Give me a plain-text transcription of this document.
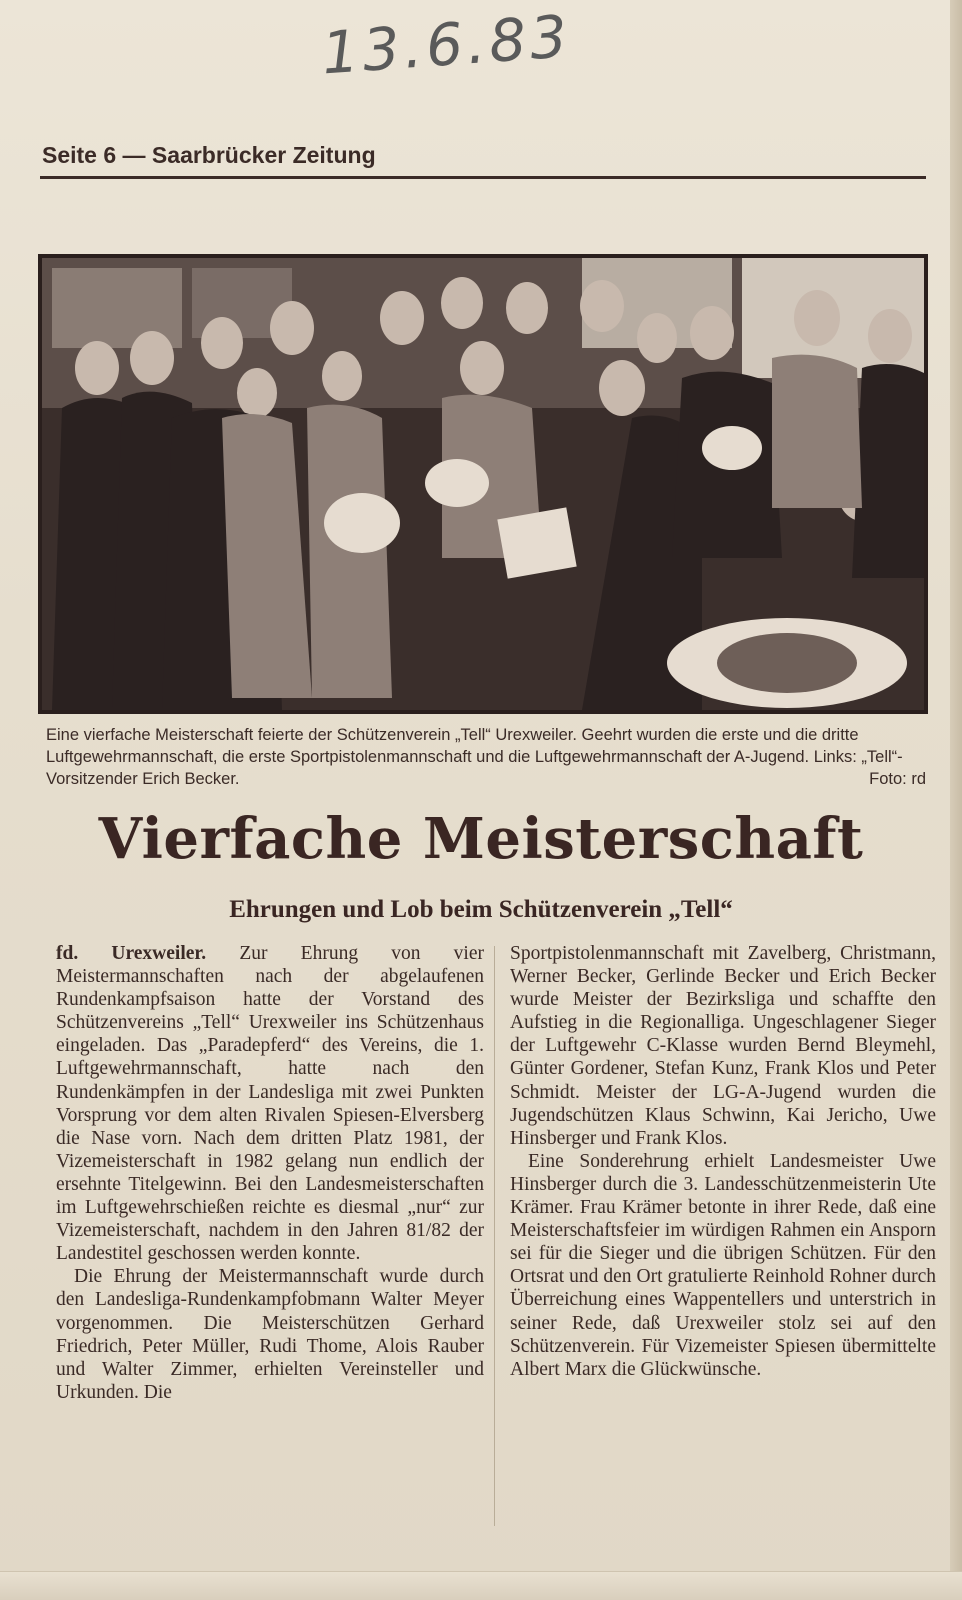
13.6.83
Seite 6 — Saarbrücker Zeitung
Eine vierfache Meisterschaft feierte der Schützenverein „Tell“ Urexweiler. Geehrt wurden die erste und die dritte Luftgewehrmannschaft, die erste Sportpistolenmannschaft und die Luftgewehrmannschaft der A-Jugend. Links: „Tell“-Vorsitzender Erich Becker.	Foto: rd
Vierfache Meisterschaft
Ehrungen und Lob beim Schützenverein „Tell“

fd. Urexweiler. Zur Ehrung von vier Meistermannschaften nach der abgelaufenen Rundenkampfsaison hatte der Vorstand des Schützenvereins „Tell“ Urexweiler ins Schützenhaus eingeladen. Das „Paradepferd“ des Vereins, die 1. Luftgewehrmannschaft, hatte nach den Rundenkämpfen in der Landesliga mit zwei Punkten Vorsprung vor dem alten Rivalen Spiesen-Elversberg die Nase vorn. Nach dem dritten Platz 1981, der Vizemeisterschaft in 1982 gelang nun endlich der ersehnte Titelgewinn. Bei den Landesmeisterschaften im Luftgewehrschießen reichte es diesmal „nur“ zur Vizemeisterschaft, nachdem in den Jahren 81/82 der Landestitel geschossen werden konnte.

Die Ehrung der Meistermannschaft wurde durch den Landesliga-Rundenkampfobmann Walter Meyer vorgenommen. Die Meisterschützen Gerhard Friedrich, Peter Müller, Rudi Thome, Alois Rauber und Walter Zimmer, erhielten Vereinsteller und Urkunden. Die

Sportpistolenmannschaft mit Zavelberg, Christmann, Werner Becker, Gerlinde Becker und Erich Becker wurde Meister der Bezirksliga und schaffte den Aufstieg in die Regionalliga. Ungeschlagener Sieger der Luftgewehr C-Klasse wurden Bernd Bleymehl, Günter Gordener, Stefan Kunz, Frank Klos und Peter Schmidt. Meister der LG-A-Jugend wurden die Jugendschützen Klaus Schwinn, Kai Jericho, Uwe Hinsberger und Frank Klos.

Eine Sonderehrung erhielt Landesmeister Uwe Hinsberger durch die 3. Landesschützenmeisterin Ute Krämer. Frau Krämer betonte in ihrer Rede, daß eine Meisterschaftsfeier im würdigen Rahmen ein Ansporn sei für die Sieger und die übrigen Schützen. Für den Ortsrat und den Ort gratulierte Reinhold Rohner durch Überreichung eines Wappentellers und unterstrich in seiner Rede, daß Urexweiler stolz sei auf den Schützenverein. Für Vizemeister Spiesen übermittelte Albert Marx die Glückwünsche.
